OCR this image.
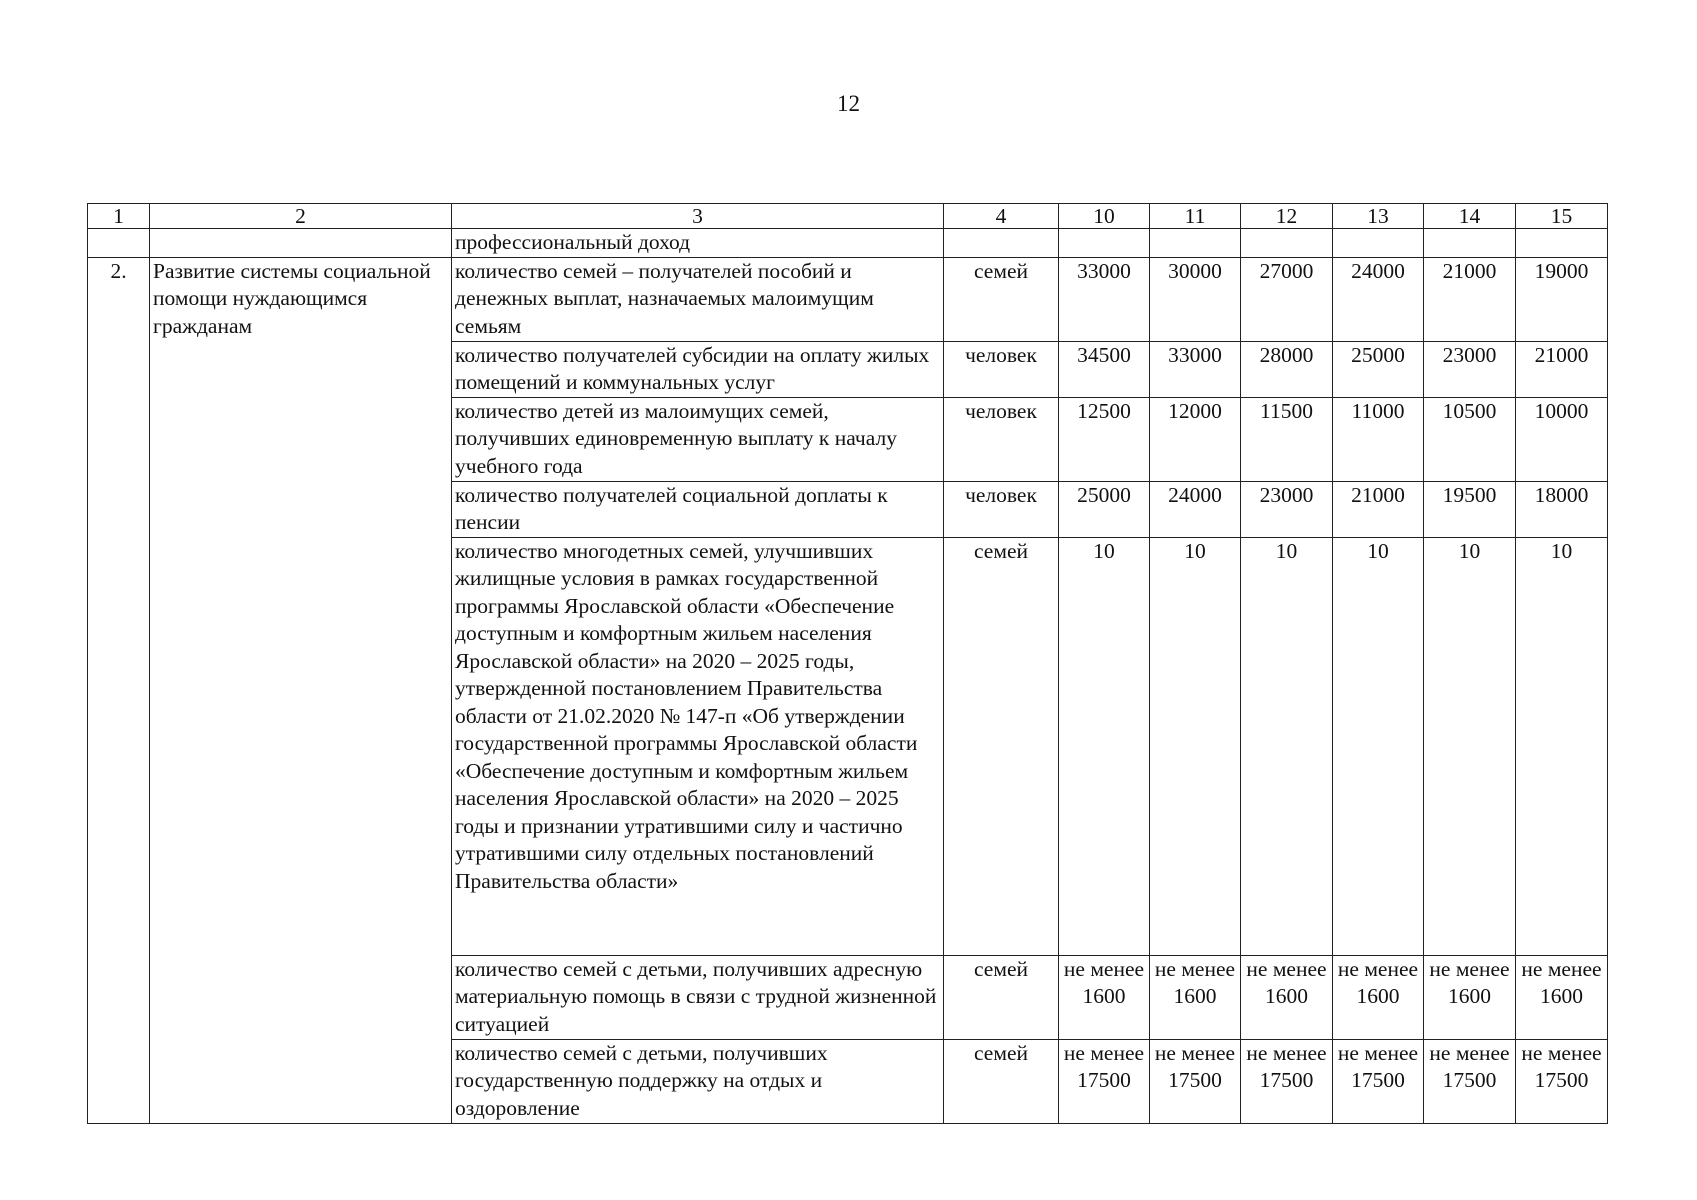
12
1	2	3	4	10	11	12	13	14	15
		профессиональный доход							
2.	Развитие системы социальной помощи нуждающимся гражданам	количество семей – получателей пособий и денежных выплат, назначаемых малоимущим семьям	семей	33000	30000	27000	24000	21000	19000
		количество получателей субсидии на оплату жилых помещений и коммунальных услуг	человек	34500	33000	28000	25000	23000	21000
		количество детей из малоимущих семей, получивших единовременную выплату к началу учебного года	человек	12500	12000	11500	11000	10500	10000
		количество получателей социальной доплаты к пенсии	человек	25000	24000	23000	21000	19500	18000
		количество многодетных семей, улучшивших жилищные условия в рамках государственной программы Ярославской области «Обеспечение доступным и комфортным жильем населения Ярославской области» на 2020 – 2025 годы, утвержденной постановлением Правительства области от 21.02.2020 № 147-п «Об утверждении государственной программы Ярославской области «Обеспечение доступным и комфортным жильем населения Ярославской области» на 2020 – 2025 годы и признании утратившими силу и частично утратившими силу отдельных постановлений Правительства области»	семей	10	10	10	10	10	10
		количество семей с детьми, получивших адресную материальную помощь в связи с трудной жизненной ситуацией	семей	не менее 1600	не менее 1600	не менее 1600	не менее 1600	не менее 1600	не менее 1600
		количество семей с детьми, получивших государственную поддержку на отдых и оздоровление	семей	не менее 17500	не менее 17500	не менее 17500	не менее 17500	не менее 17500	не менее 17500
